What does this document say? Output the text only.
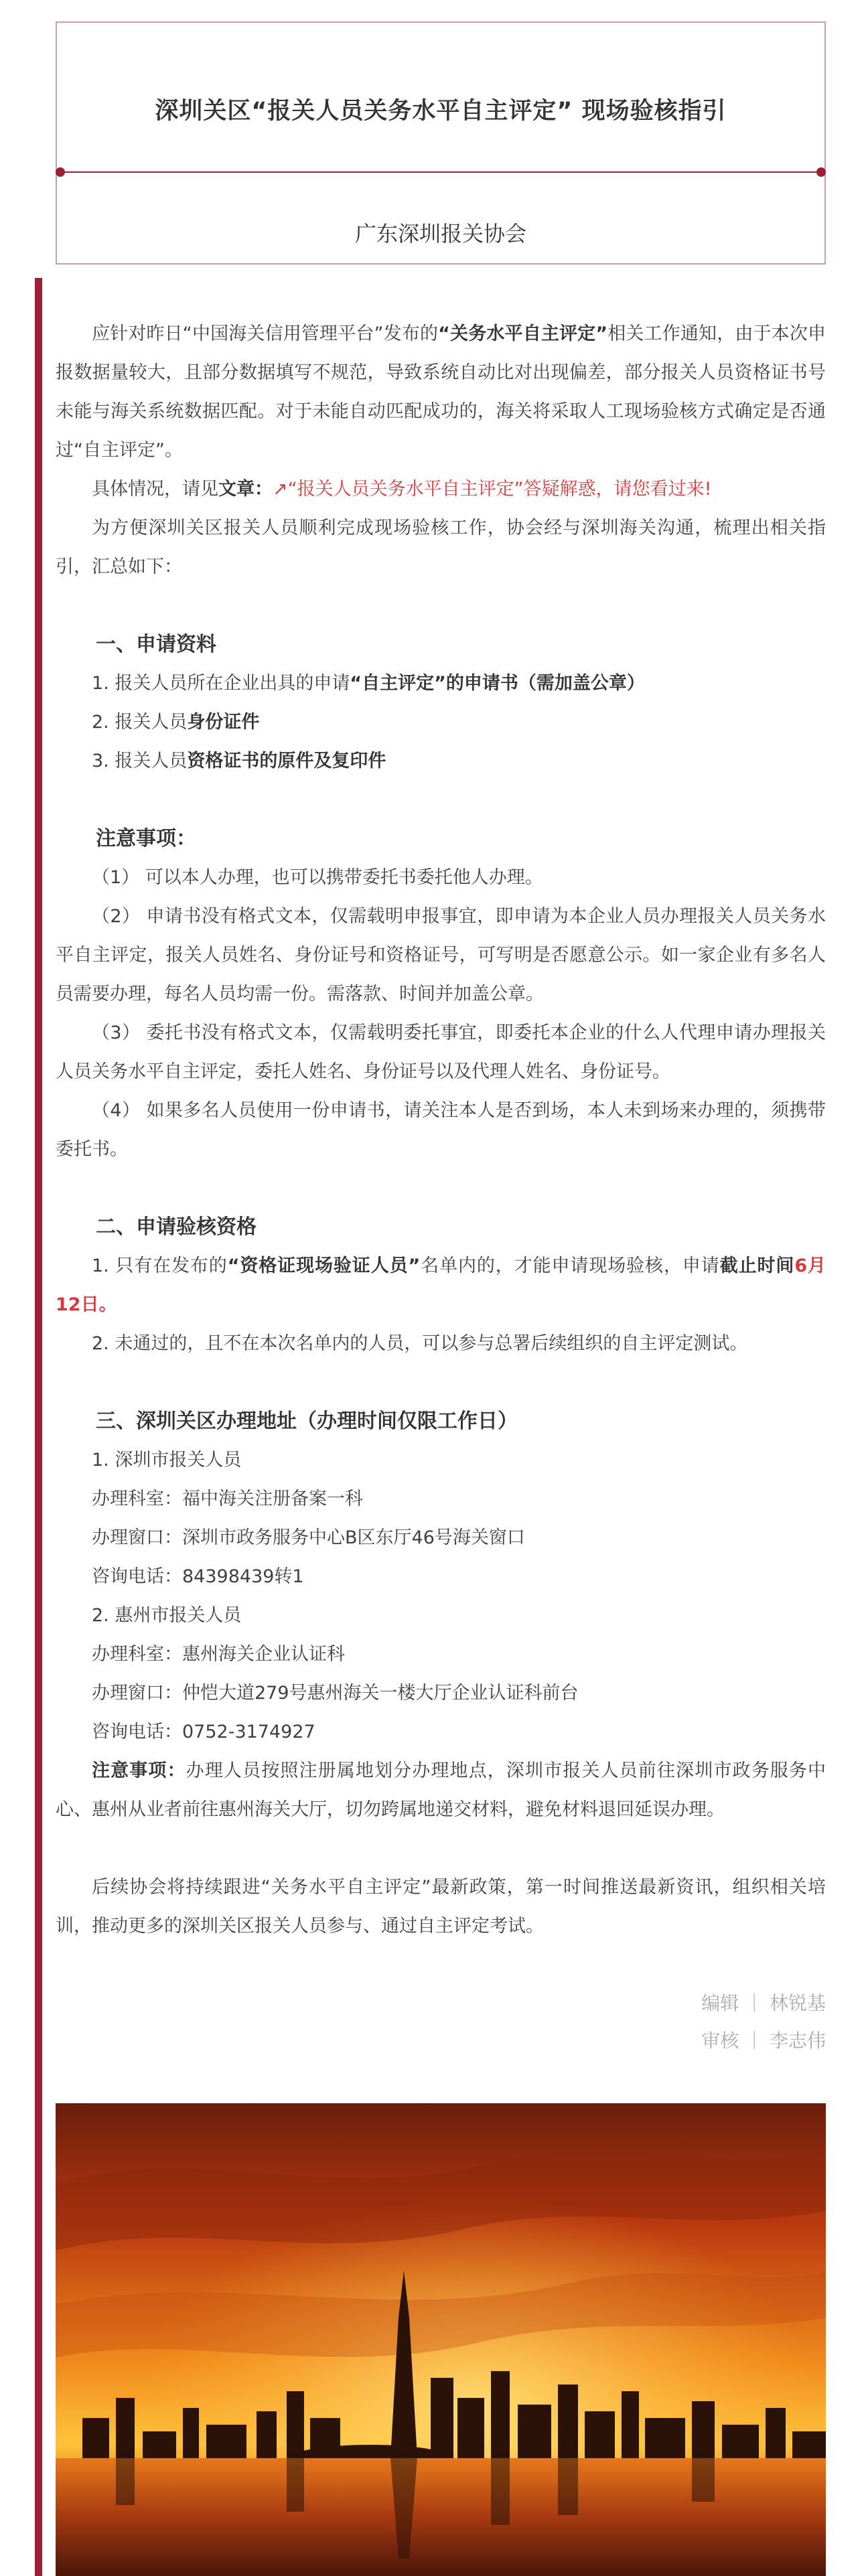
深圳关区“报关人员关务水平自主评定” 现场验核指引
广东深圳报关协会

应针对昨日“中国海关信用管理平台”发布的“关务水平自主评定”相关工作通知，由于本次申报数据量较大，且部分数据填写不规范，导致系统自动比对出现偏差，部分报关人员资格证书号未能与海关系统数据匹配。对于未能自动匹配成功的，海关将采取人工现场验核方式确定是否通过“自主评定”。

具体情况，请见文章：↗“报关人员关务水平自主评定”答疑解惑，请您看过来!

为方便深圳关区报关人员顺利完成现场验核工作，协会经与深圳海关沟通，梳理出相关指引，汇总如下：

一、申请资料

1. 报关人员所在企业出具的申请“自主评定”的申请书（需加盖公章）

2. 报关人员身份证件

3. 报关人员资格证书的原件及复印件

注意事项：

（1） 可以本人办理，也可以携带委托书委托他人办理。

（2） 申请书没有格式文本，仅需载明申报事宜，即申请为本企业人员办理报关人员关务水平自主评定，报关人员姓名、身份证号和资格证号，可写明是否愿意公示。如一家企业有多名人员需要办理，每名人员均需一份。需落款、时间并加盖公章。

（3） 委托书没有格式文本，仅需载明委托事宜，即委托本企业的什么人代理申请办理报关人员关务水平自主评定，委托人姓名、身份证号以及代理人姓名、身份证号。

（4） 如果多名人员使用一份申请书，请关注本人是否到场，本人未到场来办理的，须携带委托书。

二、申请验核资格

1. 只有在发布的“资格证现场验证人员”名单内的，才能申请现场验核，申请截止时间6月12日。

2. 未通过的，且不在本次名单内的人员，可以参与总署后续组织的自主评定测试。

三、深圳关区办理地址（办理时间仅限工作日）

1. 深圳市报关人员

办理科室：福中海关注册备案一科

办理窗口：深圳市政务服务中心B区东厅46号海关窗口

咨询电话：84398439转1

2. 惠州市报关人员

办理科室：惠州海关企业认证科

办理窗口：仲恺大道279号惠州海关一楼大厅企业认证科前台

咨询电话：0752-3174927

注意事项：办理人员按照注册属地划分办理地点，深圳市报关人员前往深圳市政务服务中心、惠州从业者前往惠州海关大厅，切勿跨属地递交材料，避免材料退回延误办理。

后续协会将持续跟进“关务水平自主评定”最新政策，第一时间推送最新资讯，组织相关培训，推动更多的深圳关区报关人员参与、通过自主评定考试。

编辑 ｜ 林锐基

审核 ｜ 李志伟
